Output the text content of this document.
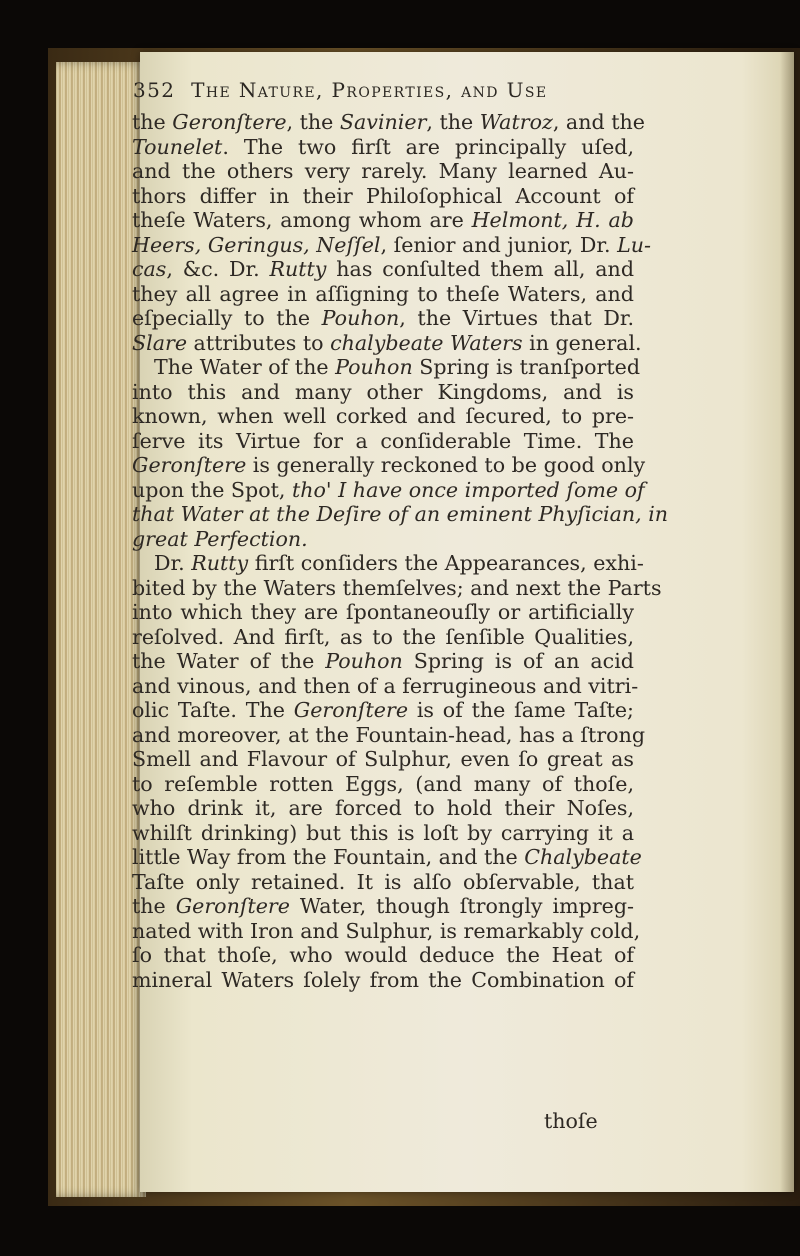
352 The Nature, Properties, and Use
the Geronſtere, the Savinier, the Watroz, and the
Tounelet. The two firſt are principally uſed,
and the others very rarely. Many learned Au-
thors differ in their Philoſophical Account of
theſe Waters, among whom are Helmont, H. ab
Heers, Geringus, Neſſel, ſenior and junior, Dr. Lu-
cas, &c. Dr. Rutty has conſulted them all, and
they all agree in aſſigning to theſe Waters, and
eſpecially to the Pouhon, the Virtues that Dr.
Slare attributes to chalybeate Waters in general.
The Water of the Pouhon Spring is tranſported
into this and many other Kingdoms, and is
known, when well corked and ſecured, to pre-
ſerve its Virtue for a conſiderable Time. The
Geronſtere is generally reckoned to be good only
upon the Spot, tho' I have once imported ſome of
that Water at the Deſire of an eminent Phyſician, in
great Perfection.
Dr. Rutty firſt conſiders the Appearances, exhi-
bited by the Waters themſelves; and next the Parts
into which they are ſpontaneouſly or artificially
reſolved. And firſt, as to the ſenſible Qualities,
the Water of the Pouhon Spring is of an acid
and vinous, and then of a ferrugineous and vitri-
olic Taſte. The Geronſtere is of the ſame Taſte;
and moreover, at the Fountain-head, has a ſtrong
Smell and Flavour of Sulphur, even ſo great as
to reſemble rotten Eggs, (and many of thoſe,
who drink it, are forced to hold their Noſes,
whilſt drinking) but this is loſt by carrying it a
little Way from the Fountain, and the Chalybeate
Taſte only retained. It is alſo obſervable, that
the Geronſtere Water, though ſtrongly impreg-
nated with Iron and Sulphur, is remarkably cold,
ſo that thoſe, who would deduce the Heat of
mineral Waters ſolely from the Combination of
thoſe
